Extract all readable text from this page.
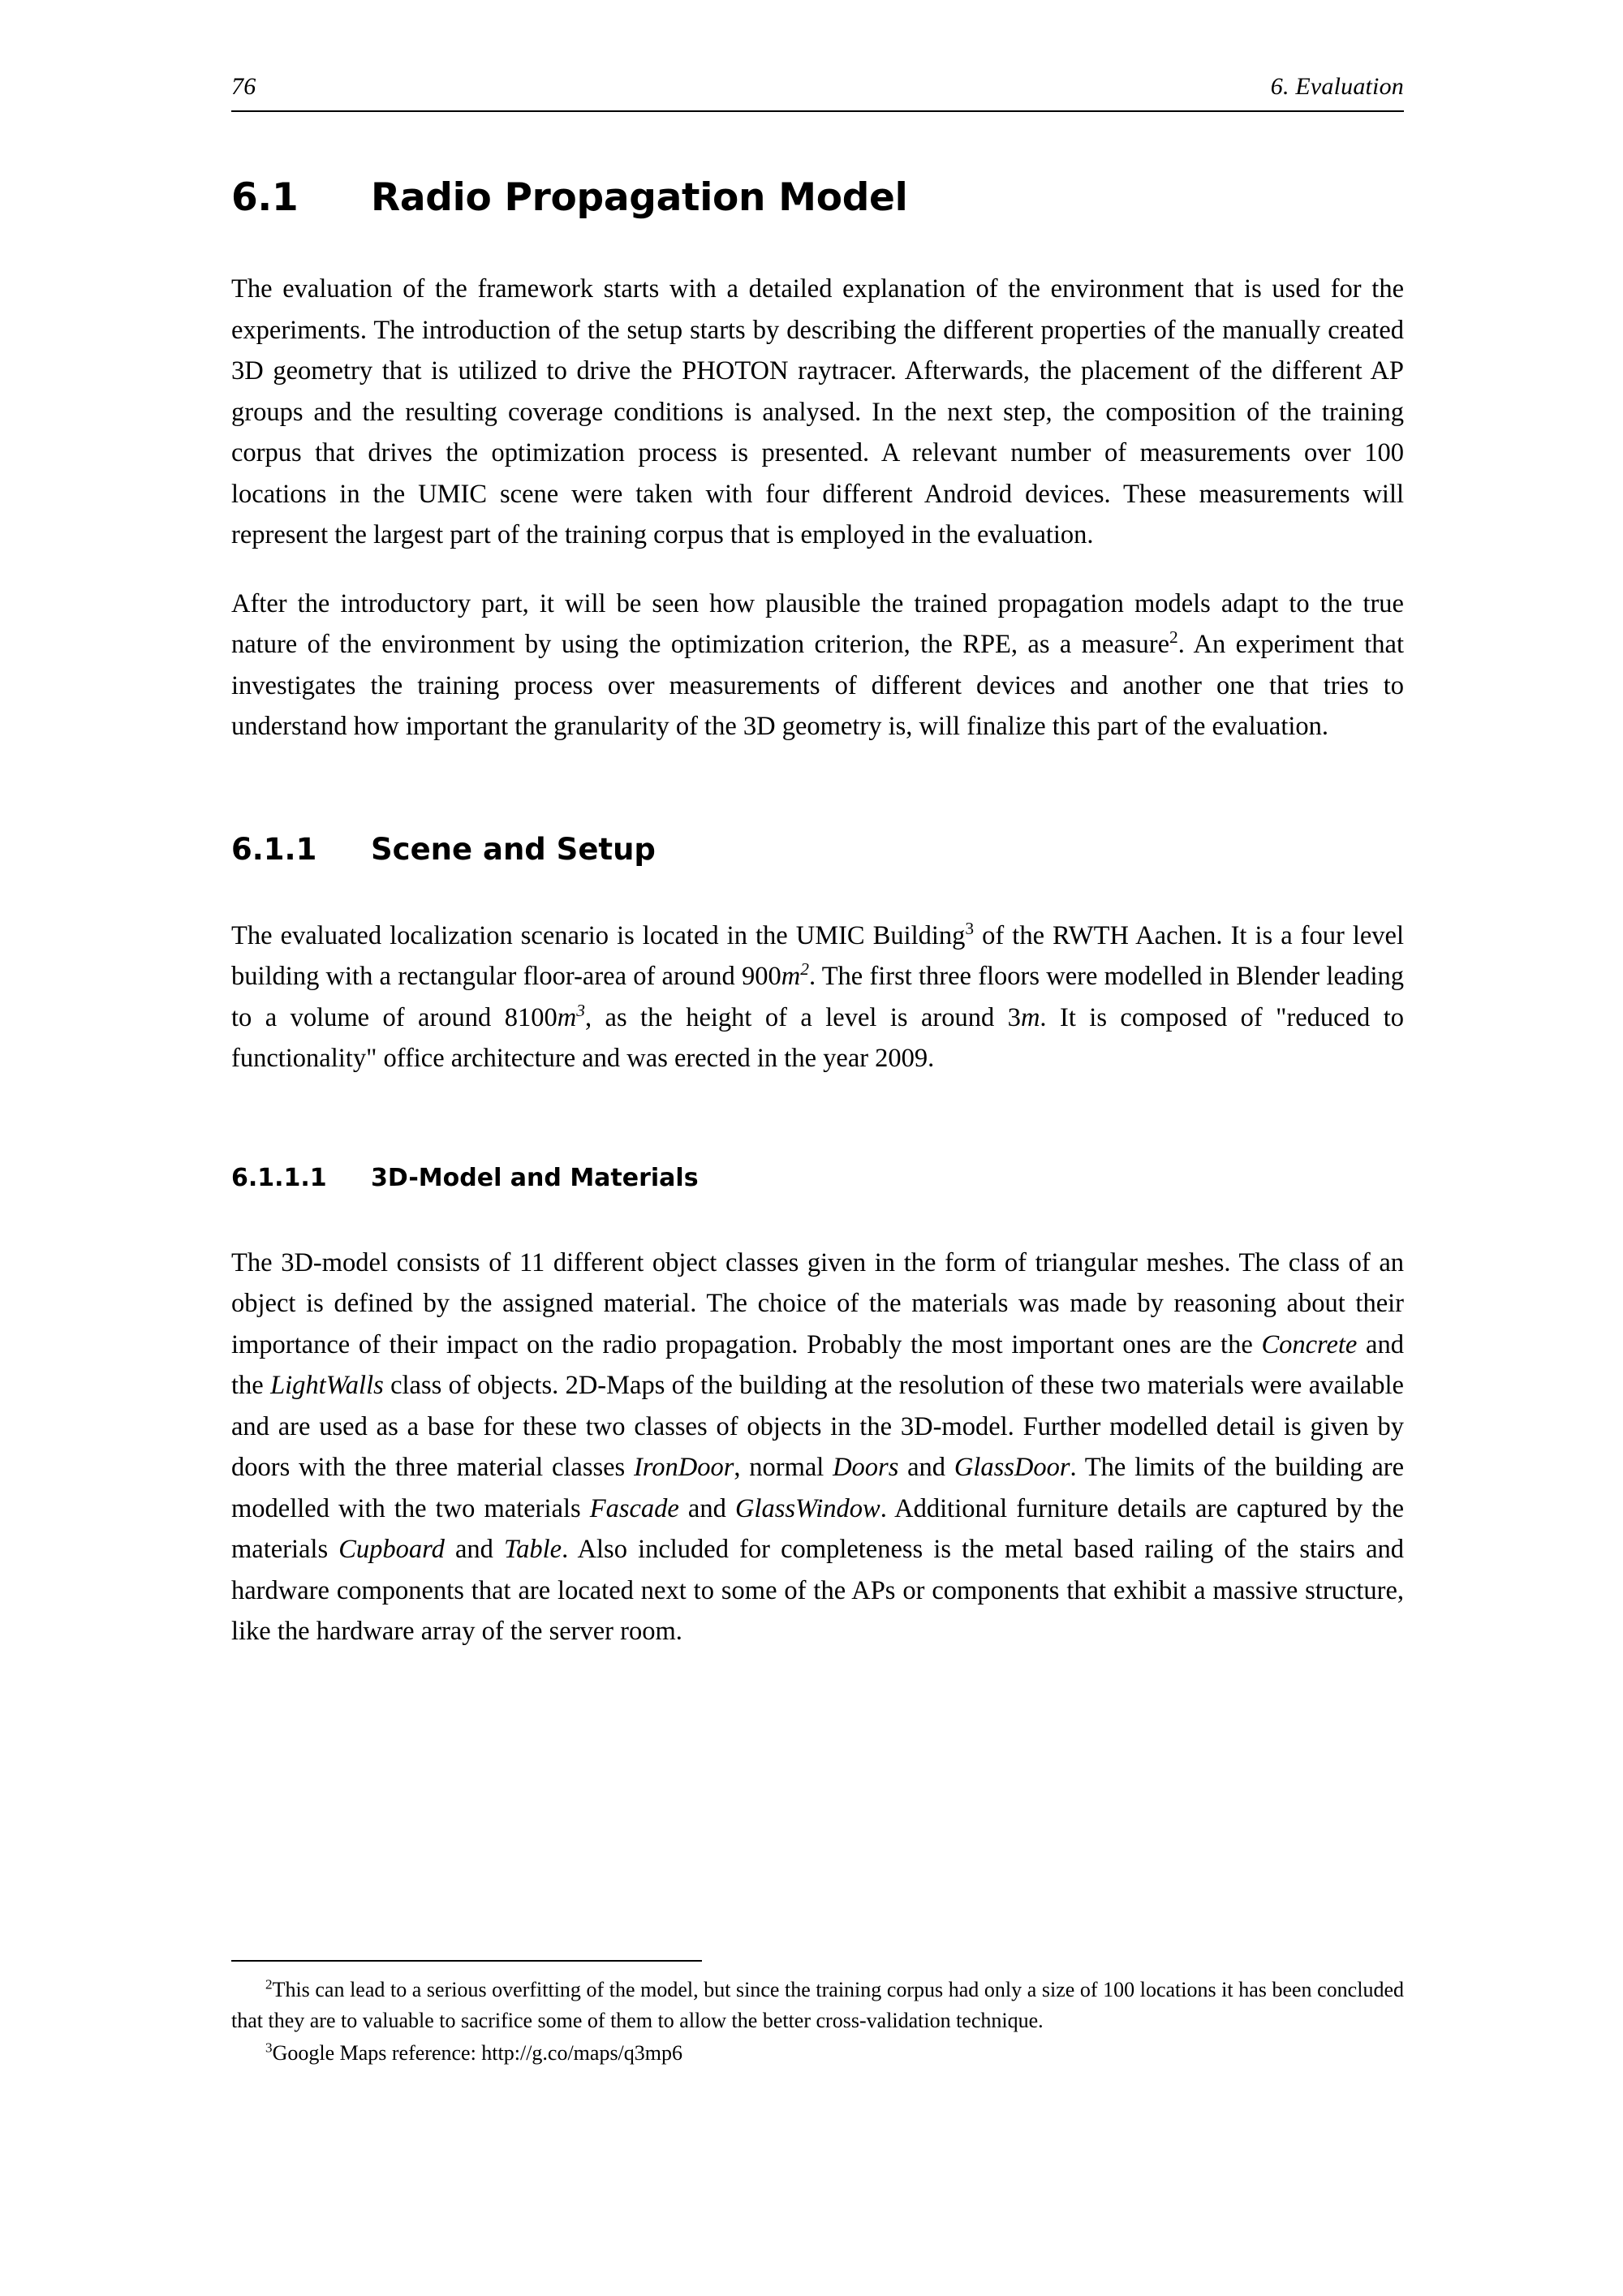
76	6. Evaluation
6.1	Radio Propagation Model

The evaluation of the framework starts with a detailed explanation of the environment that is used for the experiments. The introduction of the setup starts by describing the different properties of the manually created 3D geometry that is utilized to drive the PHOTON raytracer. Afterwards, the placement of the different AP groups and the resulting coverage conditions is analysed. In the next step, the composition of the training corpus that drives the optimization process is presented. A relevant number of measurements over 100 locations in the UMIC scene were taken with four different Android devices. These measurements will represent the largest part of the training corpus that is employed in the evaluation.

After the introductory part, it will be seen how plausible the trained propagation models adapt to the true nature of the environment by using the optimization criterion, the RPE, as a measure$^2$. An experiment that investigates the training process over measurements of different devices and another one that tries to understand how important the granularity of the 3D geometry is, will finalize this part of the evaluation.

6.1.1	Scene and Setup

The evaluated localization scenario is located in the UMIC Building$^3$ of the RWTH Aachen. It is a four level building with a rectangular floor-area of around $900m^2$. The first three floors were modelled in Blender leading to a volume of around $8100m^3$, as the height of a level is around 3m. It is composed of "reduced to functionality" office architecture and was erected in the year 2009.

6.1.1.1	3D-Model and Materials

The 3D-model consists of 11 different object classes given in the form of triangular meshes. The class of an object is defined by the assigned material. The choice of the materials was made by reasoning about their importance of their impact on the radio propagation. Probably the most important ones are the Concrete and the LightWalls class of objects. 2D-Maps of the building at the resolution of these two materials were available and are used as a base for these two classes of objects in the 3D-model. Further modelled detail is given by doors with the three material classes IronDoor, normal Doors and GlassDoor. The limits of the building are modelled with the two materials Fascade and GlassWindow. Additional furniture details are captured by the materials Cupboard and Table. Also included for completeness is the metal based railing of the stairs and hardware components that are located next to some of the APs or components that exhibit a massive structure, like the hardware array of the server room.

$^2$This can lead to a serious overfitting of the model, but since the training corpus had only a size of 100 locations it has been concluded that they are to valuable to sacrifice some of them to allow the better cross-validation technique.

$^3$Google Maps reference: http://g.co/maps/q3mp6
